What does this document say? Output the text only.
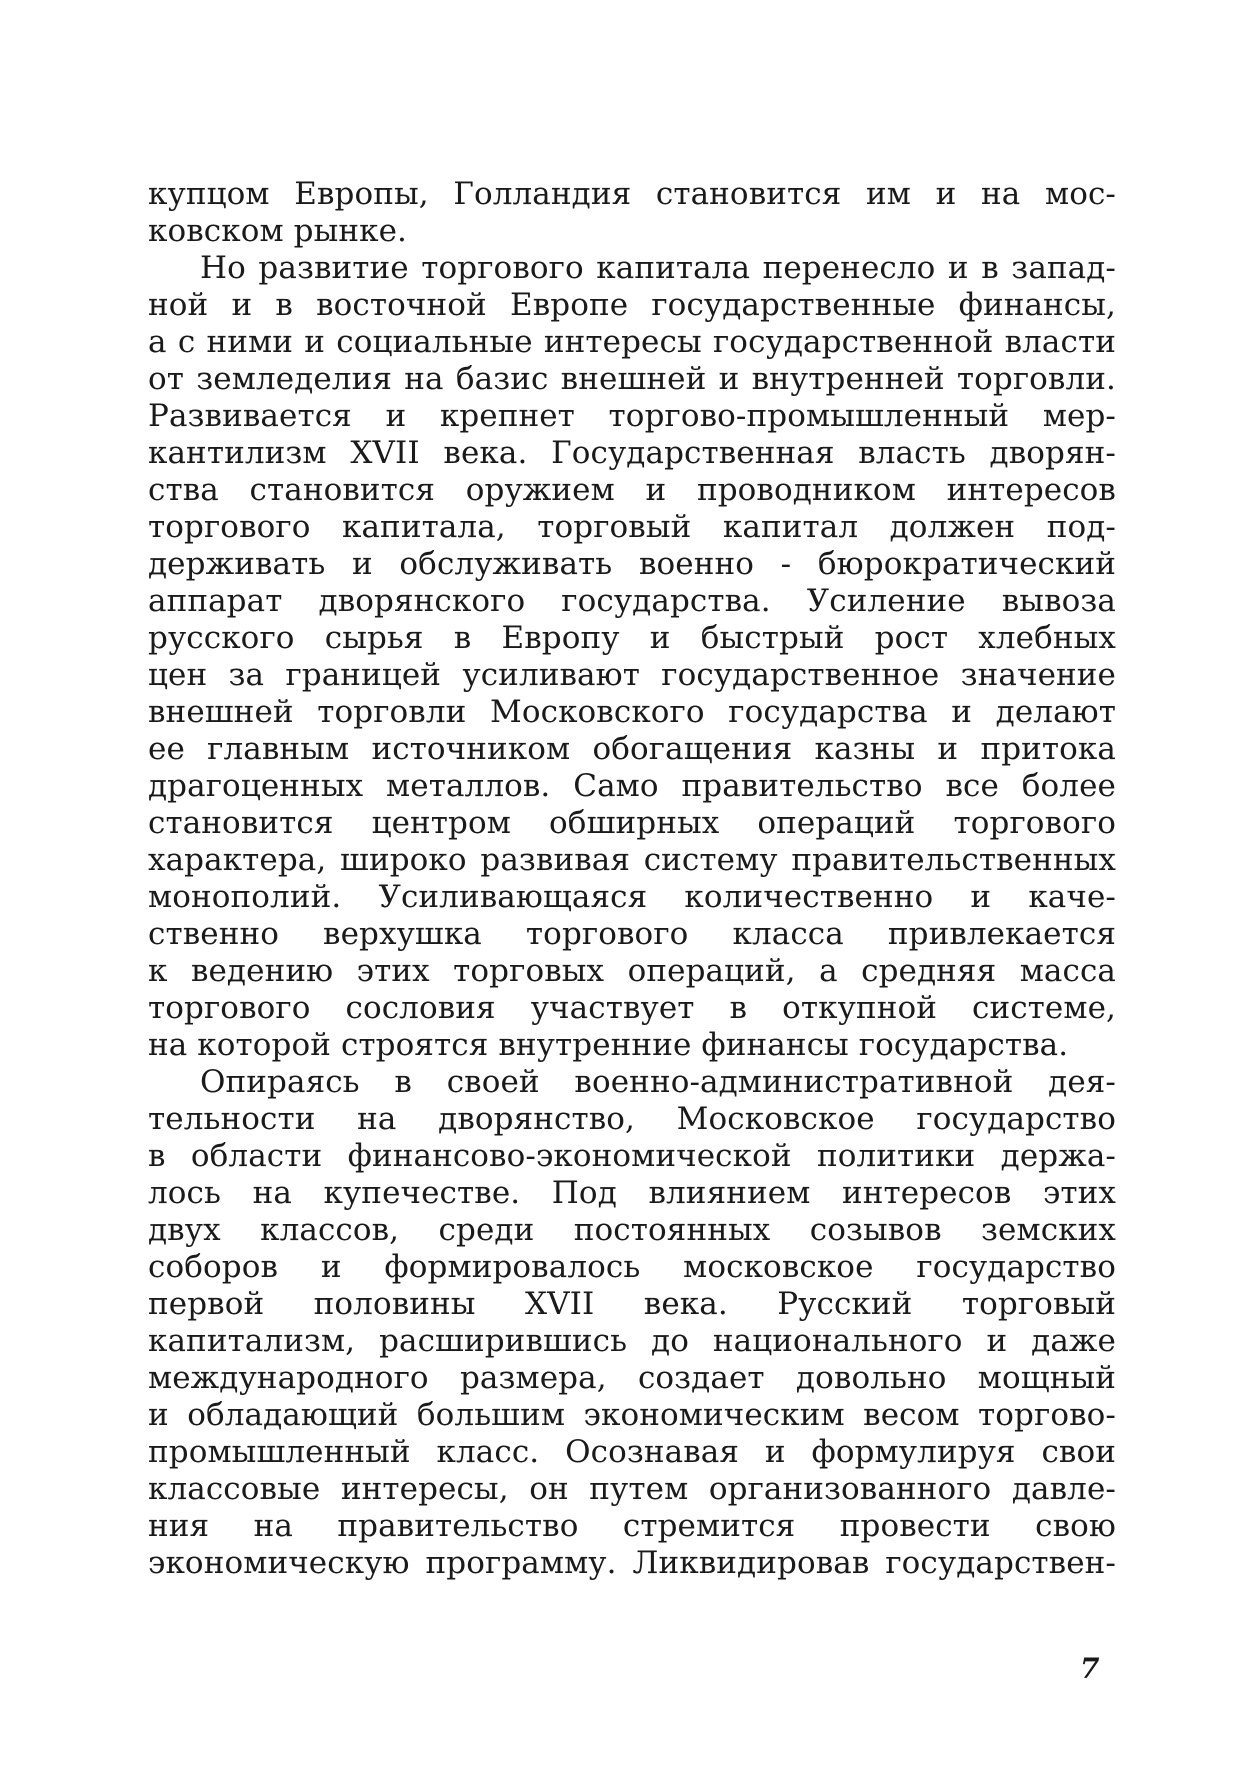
купцом Европы, Голландия становится им и на мос-
ковском рынке.
Но развитие торгового капитала перенесло и в запад-
ной и в восточной Европе государственные финансы,
а с ними и социальные интересы государственной власти
от земледелия на базис внешней и внутренней торговли.
Развивается и крепнет торгово-промышленный мер-
кантилизм XVII века. Государственная власть дворян-
ства становится оружием и проводником интересов
торгового капитала, торговый капитал должен под-
держивать и обслуживать военно - бюрократический
аппарат дворянского государства. Усиление вывоза
русского сырья в Европу и быстрый рост хлебных
цен за границей усиливают государственное значение
внешней торговли Московского государства и делают
ее главным источником обогащения казны и притока
драгоценных металлов. Само правительство все более
становится центром обширных операций торгового
характера, широко развивая систему правительственных
монополий. Усиливающаяся количественно и каче-
ственно верхушка торгового класса привлекается
к ведению этих торговых операций, а средняя масса
торгового сословия участвует в откупной системе,
на которой строятся внутренние финансы государства.
Опираясь в своей военно-административной дея-
тельности на дворянство, Московское государство
в области финансово-экономической политики держа-
лось на купечестве. Под влиянием интересов этих
двух классов, среди постоянных созывов земских
соборов и формировалось московское государство
первой половины XVII века. Русский торговый
капитализм, расширившись до национального и даже
международного размера, создает довольно мощный
и обладающий большим экономическим весом торгово-
промышленный класс. Осознавая и формулируя свои
классовые интересы, он путем организованного давле-
ния на правительство стремится провести свою
экономическую программу. Ликвидировав государствен-
7
